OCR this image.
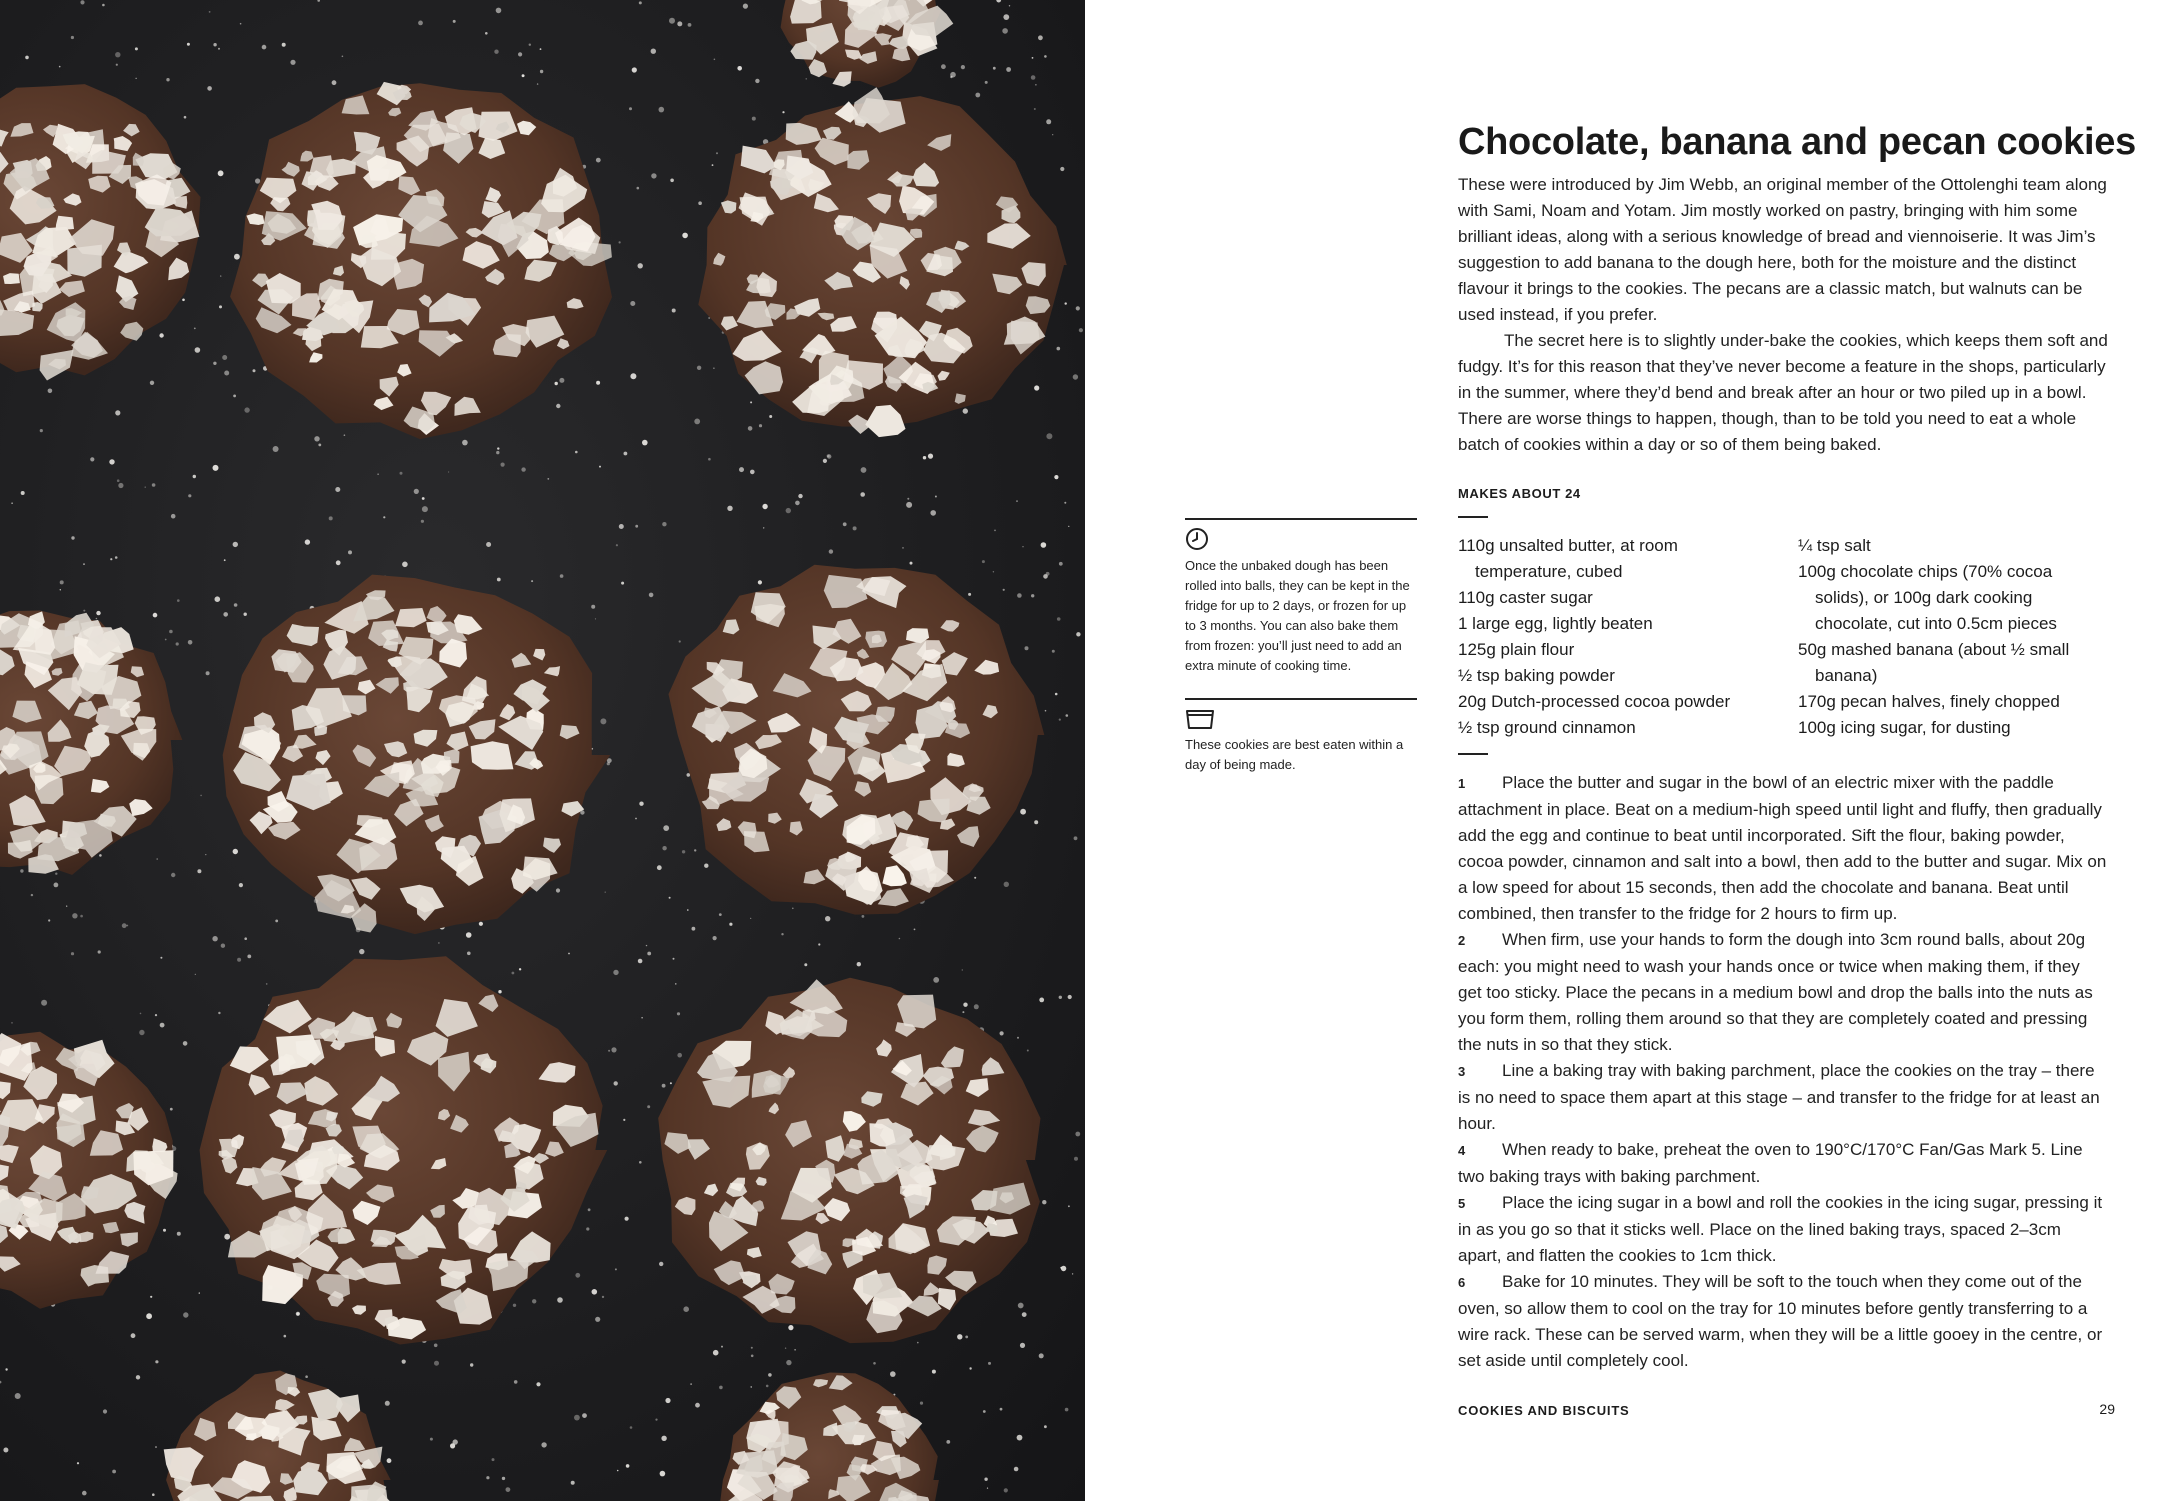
Chocolate, banana and pecan cookies

These were introduced by Jim Webb, an original member of the Ottolenghi team along with Sami, Noam and Yotam. Jim mostly worked on pastry, bringing with him some brilliant ideas, along with a serious knowledge of bread and viennoiserie. It was Jim’s suggestion to add banana to the dough here, both for the moisture and the distinct flavour it brings to the cookies. The pecans are a classic match, but walnuts can be used instead, if you prefer.

The secret here is to slightly under-bake the cookies, which keeps them soft and fudgy. It’s for this reason that they’ve never become a feature in the shops, particularly in the summer, where they’d bend and break after an hour or two piled up in a bowl. There are worse things to happen, though, than to be told you need to eat a whole batch of cookies within a day or so of them being baked.

MAKES ABOUT 24
110g unsalted butter, at room temperature, cubed
110g caster sugar
1 large egg, lightly beaten
125g plain flour
½ tsp baking powder
20g Dutch-processed cocoa powder
½ tsp ground cinnamon
¼ tsp salt
100g chocolate chips (70% cocoa solids), or 100g dark cooking chocolate, cut into 0.5cm pieces
50g mashed banana (about ½ small banana)
170g pecan halves, finely chopped
100g icing sugar, for dusting

1 Place the butter and sugar in the bowl of an electric mixer with the paddle attachment in place. Beat on a medium-high speed until light and fluffy, then gradually add the egg and continue to beat until incorporated. Sift the flour, baking powder, cocoa powder, cinnamon and salt into a bowl, then add to the butter and sugar. Mix on a low speed for about 15 seconds, then add the chocolate and banana. Beat until combined, then transfer to the fridge for 2 hours to firm up.

2 When firm, use your hands to form the dough into 3cm round balls, about 20g each: you might need to wash your hands once or twice when making them, if they get too sticky. Place the pecans in a medium bowl and drop the balls into the nuts as you form them, rolling them around so that they are completely coated and pressing the nuts in so that they stick.

3 Line a baking tray with baking parchment, place the cookies on the tray – there is no need to space them apart at this stage – and transfer to the fridge for at least an hour.

4 When ready to bake, preheat the oven to 190°C/170°C Fan/Gas Mark 5. Line two baking trays with baking parchment.

5 Place the icing sugar in a bowl and roll the cookies in the icing sugar, pressing it in as you go so that it sticks well. Place on the lined baking trays, spaced 2–3cm apart, and flatten the cookies to 1cm thick.

6 Bake for 10 minutes. They will be soft to the touch when they come out of the oven, so allow them to cool on the tray for 10 minutes before gently transferring to a wire rack. These can be served warm, when they will be a little gooey in the centre, or set aside until completely cool.

Once the unbaked dough has been rolled into balls, they can be kept in the fridge for up to 2 days, or frozen for up to 3 months. You can also bake them from frozen: you’ll just need to add an extra minute of cooking time.
These cookies are best eaten within a day of being made.
COOKIES AND BISCUITS	29
